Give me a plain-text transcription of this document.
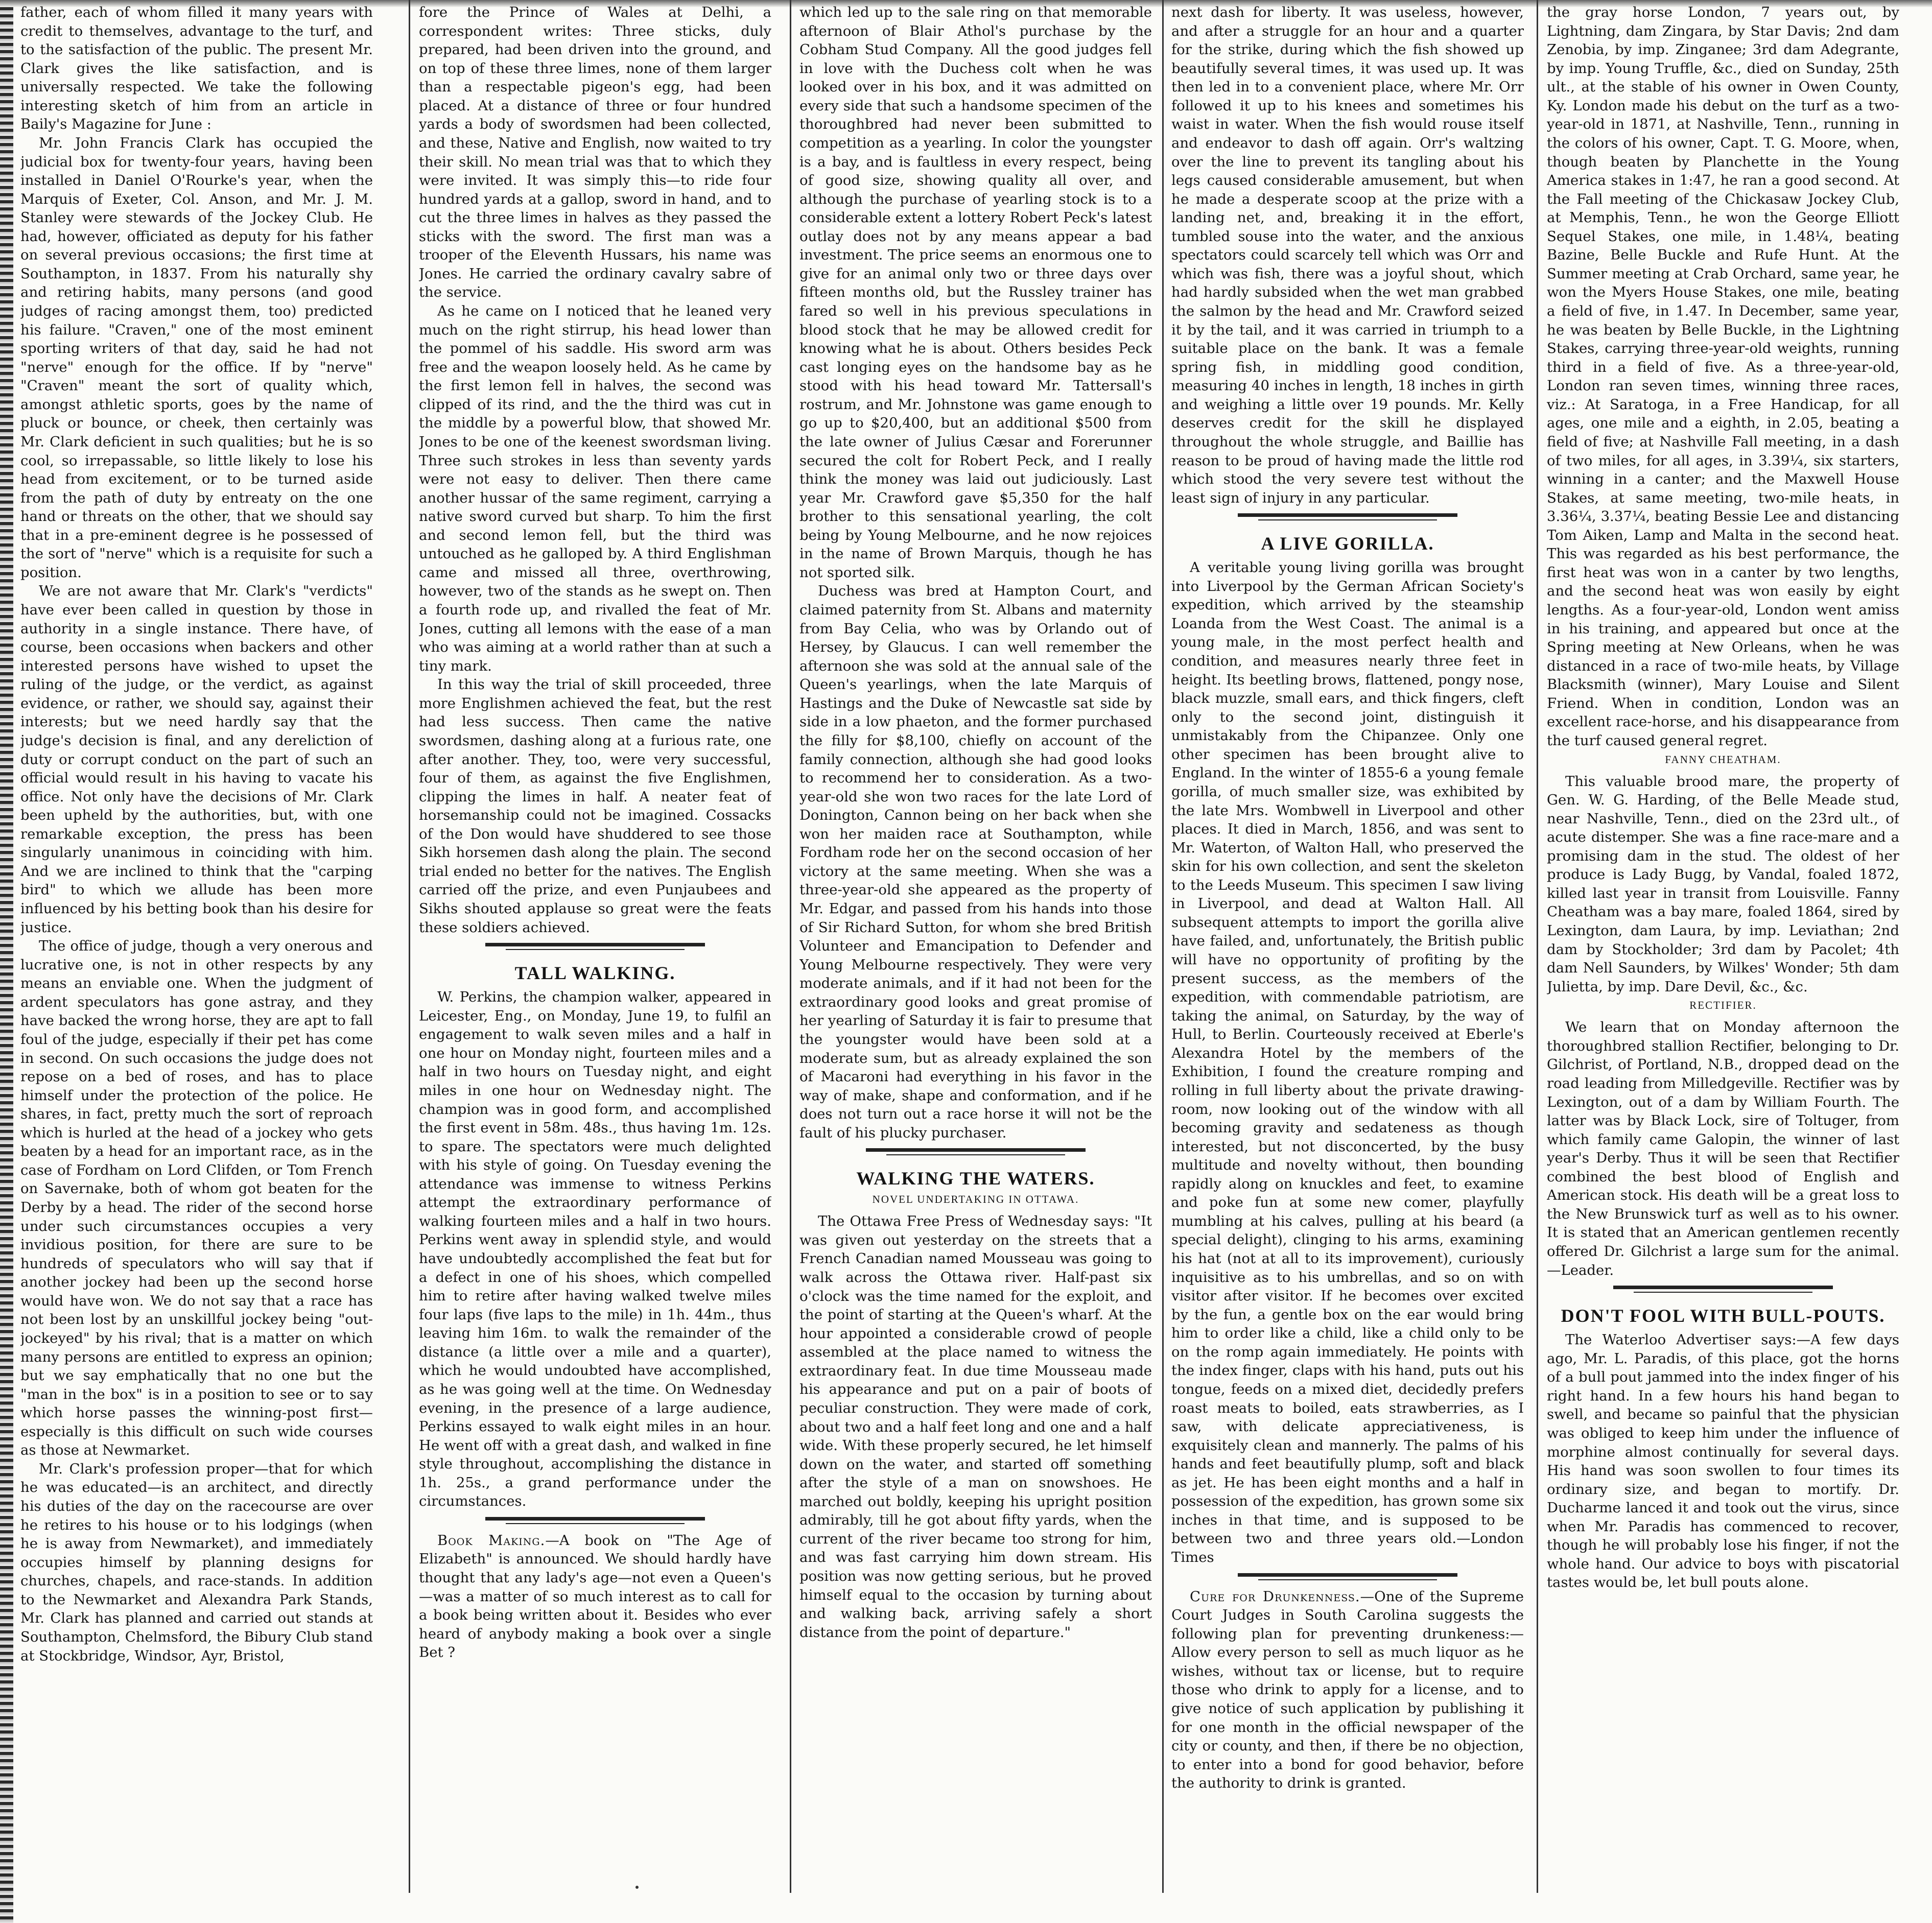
father, each of whom filled it many years with credit to themselves, advantage to the turf, and to the satisfaction of the public. The present Mr. Clark gives the like satisfaction, and is universally respected. We take the following interesting sketch of him from an article in Baily's Magazine for June :

Mr. John Francis Clark has occupied the judicial box for twenty-four years, having been installed in Daniel O'Rourke's year, when the Marquis of Exeter, Col. Anson, and Mr. J. M. Stanley were stewards of the Jockey Club. He had, however, officiated as deputy for his father on several previous occasions; the first time at Southampton, in 1837. From his naturally shy and retiring habits, many persons (and good judges of racing amongst them, too) predicted his failure. "Craven," one of the most eminent sporting writers of that day, said he had not "nerve" enough for the office. If by "nerve" "Craven" meant the sort of quality which, amongst athletic sports, goes by the name of pluck or bounce, or cheek, then certainly was Mr. Clark deficient in such qualities; but he is so cool, so irrepassable, so little likely to lose his head from excitement, or to be turned aside from the path of duty by entreaty on the one hand or threats on the other, that we should say that in a pre-eminent degree is he possessed of the sort of "nerve" which is a requisite for such a position.

We are not aware that Mr. Clark's "verdicts" have ever been called in question by those in authority in a single instance. There have, of course, been occasions when backers and other interested persons have wished to upset the ruling of the judge, or the verdict, as against evidence, or rather, we should say, against their interests; but we need hardly say that the judge's decision is final, and any dereliction of duty or corrupt conduct on the part of such an official would result in his having to vacate his office. Not only have the decisions of Mr. Clark been upheld by the authorities, but, with one remarkable exception, the press has been singularly unanimous in coinciding with him. And we are inclined to think that the "carping bird" to which we allude has been more influenced by his betting book than his desire for justice.

The office of judge, though a very onerous and lucrative one, is not in other respects by any means an enviable one. When the judgment of ardent speculators has gone astray, and they have backed the wrong horse, they are apt to fall foul of the judge, especially if their pet has come in second. On such occasions the judge does not repose on a bed of roses, and has to place himself under the protection of the police. He shares, in fact, pretty much the sort of reproach which is hurled at the head of a jockey who gets beaten by a head for an important race, as in the case of Fordham on Lord Clifden, or Tom French on Savernake, both of whom got beaten for the Derby by a head. The rider of the second horse under such circumstances occupies a very invidious position, for there are sure to be hundreds of speculators who will say that if another jockey had been up the second horse would have won. We do not say that a race has not been lost by an unskillful jockey being "out-jockeyed" by his rival; that is a matter on which many persons are entitled to express an opinion; but we say emphatically that no one but the "man in the box" is in a position to see or to say which horse passes the winning-post first—especially is this difficult on such wide courses as those at Newmarket.

Mr. Clark's profession proper—that for which he was educated—is an architect, and directly his duties of the day on the racecourse are over he retires to his house or to his lodgings (when he is away from Newmarket), and immediately occupies himself by planning designs for churches, chapels, and race-stands. In addition to the Newmarket and Alexandra Park Stands, Mr. Clark has planned and carried out stands at Southampton, Chelmsford, the Bibury Club stand at Stockbridge, Windsor, Ayr, Bristol,

fore the Prince of Wales at Delhi, a correspondent writes: Three sticks, duly prepared, had been driven into the ground, and on top of these three limes, none of them larger than a respectable pigeon's egg, had been placed. At a distance of three or four hundred yards a body of swordsmen had been collected, and these, Native and English, now waited to try their skill. No mean trial was that to which they were invited. It was simply this—to ride four hundred yards at a gallop, sword in hand, and to cut the three limes in halves as they passed the sticks with the sword. The first man was a trooper of the Eleventh Hussars, his name was Jones. He carried the ordinary cavalry sabre of the service.

As he came on I noticed that he leaned very much on the right stirrup, his head lower than the pommel of his saddle. His sword arm was free and the weapon loosely held. As he came by the first lemon fell in halves, the second was clipped of its rind, and the the third was cut in the middle by a powerful blow, that showed Mr. Jones to be one of the keenest swordsman living. Three such strokes in less than seventy yards were not easy to deliver. Then there came another hussar of the same regiment, carrying a native sword curved but sharp. To him the first and second lemon fell, but the third was untouched as he galloped by. A third Englishman came and missed all three, overthrowing, however, two of the stands as he swept on. Then a fourth rode up, and rivalled the feat of Mr. Jones, cutting all lemons with the ease of a man who was aiming at a world rather than at such a tiny mark.

In this way the trial of skill proceeded, three more Englishmen achieved the feat, but the rest had less success. Then came the native swordsmen, dashing along at a furious rate, one after another. They, too, were very successful, four of them, as against the five Englishmen, clipping the limes in half. A neater feat of horsemanship could not be imagined. Cossacks of the Don would have shuddered to see those Sikh horsemen dash along the plain. The second trial ended no better for the natives. The English carried off the prize, and even Punjaubees and Sikhs shouted applause so great were the feats these soldiers achieved.

TALL WALKING.

W. Perkins, the champion walker, appeared in Leicester, Eng., on Monday, June 19, to fulfil an engagement to walk seven miles and a half in one hour on Monday night, fourteen miles and a half in two hours on Tuesday night, and eight miles in one hour on Wednesday night. The champion was in good form, and accomplished the first event in 58m. 48s., thus having 1m. 12s. to spare. The spectators were much delighted with his style of going. On Tuesday evening the attendance was immense to witness Perkins attempt the extraordinary performance of walking fourteen miles and a half in two hours. Perkins went away in splendid style, and would have undoubtedly accomplished the feat but for a defect in one of his shoes, which compelled him to retire after having walked twelve miles four laps (five laps to the mile) in 1h. 44m., thus leaving him 16m. to walk the remainder of the distance (a little over a mile and a quarter), which he would undoubted have accomplished, as he was going well at the time. On Wednesday evening, in the presence of a large audience, Perkins essayed to walk eight miles in an hour. He went off with a great dash, and walked in fine style throughout, accomplishing the distance in 1h. 25s., a grand performance under the circumstances.

Book Making.—A book on "The Age of Elizabeth" is announced. We should hardly have thought that any lady's age—not even a Queen's—was a matter of so much interest as to call for a book being written about it. Besides who ever heard of anybody making a book over a single Bet ?

which led up to the sale ring on that memorable afternoon of Blair Athol's purchase by the Cobham Stud Company. All the good judges fell in love with the Duchess colt when he was looked over in his box, and it was admitted on every side that such a handsome specimen of the thoroughbred had never been submitted to competition as a yearling. In color the youngster is a bay, and is faultless in every respect, being of good size, showing quality all over, and although the purchase of yearling stock is to a considerable extent a lottery Robert Peck's latest outlay does not by any means appear a bad investment. The price seems an enormous one to give for an animal only two or three days over fifteen months old, but the Russley trainer has fared so well in his previous speculations in blood stock that he may be allowed credit for knowing what he is about. Others besides Peck cast longing eyes on the handsome bay as he stood with his head toward Mr. Tattersall's rostrum, and Mr. Johnstone was game enough to go up to $20,400, but an additional $500 from the late owner of Julius Cæsar and Forerunner secured the colt for Robert Peck, and I really think the money was laid out judiciously. Last year Mr. Crawford gave $5,350 for the half brother to this sensational yearling, the colt being by Young Melbourne, and he now rejoices in the name of Brown Marquis, though he has not sported silk.

Duchess was bred at Hampton Court, and claimed paternity from St. Albans and maternity from Bay Celia, who was by Orlando out of Hersey, by Glaucus. I can well remember the afternoon she was sold at the annual sale of the Queen's yearlings, when the late Marquis of Hastings and the Duke of Newcastle sat side by side in a low phaeton, and the former purchased the filly for $8,100, chiefly on account of the family connection, although she had good looks to recommend her to consideration. As a two-year-old she won two races for the late Lord of Donington, Cannon being on her back when she won her maiden race at Southampton, while Fordham rode her on the second occasion of her victory at the same meeting. When she was a three-year-old she appeared as the property of Mr. Edgar, and passed from his hands into those of Sir Richard Sutton, for whom she bred British Volunteer and Emancipation to Defender and Young Melbourne respectively. They were very moderate animals, and if it had not been for the extraordinary good looks and great promise of her yearling of Saturday it is fair to presume that the youngster would have been sold at a moderate sum, but as already explained the son of Macaroni had everything in his favor in the way of make, shape and conformation, and if he does not turn out a race horse it will not be the fault of his plucky purchaser.

WALKING THE WATERS.
NOVEL UNDERTAKING IN OTTAWA.

The Ottawa Free Press of Wednesday says: "It was given out yesterday on the streets that a French Canadian named Mousseau was going to walk across the Ottawa river. Half-past six o'clock was the time named for the exploit, and the point of starting at the Queen's wharf. At the hour appointed a considerable crowd of people assembled at the place named to witness the extraordinary feat. In due time Mousseau made his appearance and put on a pair of boots of peculiar construction. They were made of cork, about two and a half feet long and one and a half wide. With these properly secured, he let himself down on the water, and started off something after the style of a man on snowshoes. He marched out boldly, keeping his upright position admirably, till he got about fifty yards, when the current of the river became too strong for him, and was fast carrying him down stream. His position was now getting serious, but he proved himself equal to the occasion by turning about and walking back, arriving safely a short distance from the point of departure."

next dash for liberty. It was useless, however, and after a struggle for an hour and a quarter for the strike, during which the fish showed up beautifully several times, it was used up. It was then led in to a convenient place, where Mr. Orr followed it up to his knees and sometimes his waist in water. When the fish would rouse itself and endeavor to dash off again. Orr's waltzing over the line to prevent its tangling about his legs caused considerable amusement, but when he made a desperate scoop at the prize with a landing net, and, breaking it in the effort, tumbled souse into the water, and the anxious spectators could scarcely tell which was Orr and which was fish, there was a joyful shout, which had hardly subsided when the wet man grabbed the salmon by the head and Mr. Crawford seized it by the tail, and it was carried in triumph to a suitable place on the bank. It was a female spring fish, in middling good condition, measuring 40 inches in length, 18 inches in girth and weighing a little over 19 pounds. Mr. Kelly deserves credit for the skill he displayed throughout the whole struggle, and Baillie has reason to be proud of having made the little rod which stood the very severe test without the least sign of injury in any particular.

A LIVE GORILLA.

A veritable young living gorilla was brought into Liverpool by the German African Society's expedition, which arrived by the steamship Loanda from the West Coast. The animal is a young male, in the most perfect health and condition, and measures nearly three feet in height. Its beetling brows, flattened, pongy nose, black muzzle, small ears, and thick fingers, cleft only to the second joint, distinguish it unmistakably from the Chipanzee. Only one other specimen has been brought alive to England. In the winter of 1855-6 a young female gorilla, of much smaller size, was exhibited by the late Mrs. Wombwell in Liverpool and other places. It died in March, 1856, and was sent to Mr. Waterton, of Walton Hall, who preserved the skin for his own collection, and sent the skeleton to the Leeds Museum. This specimen I saw living in Liverpool, and dead at Walton Hall. All subsequent attempts to import the gorilla alive have failed, and, unfortunately, the British public will have no opportunity of profiting by the present success, as the members of the expedition, with commendable patriotism, are taking the animal, on Saturday, by the way of Hull, to Berlin. Courteously received at Eberle's Alexandra Hotel by the members of the Exhibition, I found the creature romping and rolling in full liberty about the private drawing-room, now looking out of the window with all becoming gravity and sedateness as though interested, but not disconcerted, by the busy multitude and novelty without, then bounding rapidly along on knuckles and feet, to examine and poke fun at some new comer, playfully mumbling at his calves, pulling at his beard (a special delight), clinging to his arms, examining his hat (not at all to its improvement), curiously inquisitive as to his umbrellas, and so on with visitor after visitor. If he becomes over excited by the fun, a gentle box on the ear would bring him to order like a child, like a child only to be on the romp again immediately. He points with the index finger, claps with his hand, puts out his tongue, feeds on a mixed diet, decidedly prefers roast meats to boiled, eats strawberries, as I saw, with delicate appreciativeness, is exquisitely clean and mannerly. The palms of his hands and feet beautifully plump, soft and black as jet. He has been eight months and a half in possession of the expedition, has grown some six inches in that time, and is supposed to be between two and three years old.—London Times

Cure for Drunkenness.—One of the Supreme Court Judges in South Carolina suggests the following plan for preventing drunkeness:—Allow every person to sell as much liquor as he wishes, without tax or license, but to require those who drink to apply for a license, and to give notice of such application by publishing it for one month in the official newspaper of the city or county, and then, if there be no objection, to enter into a bond for good behavior, before the authority to drink is granted.

the gray horse London, 7 years out, by Lightning, dam Zingara, by Star Davis; 2nd dam Zenobia, by imp. Zinganee; 3rd dam Adegrante, by imp. Young Truffle, &c., died on Sunday, 25th ult., at the stable of his owner in Owen County, Ky. London made his debut on the turf as a two-year-old in 1871, at Nashville, Tenn., running in the colors of his owner, Capt. T. G. Moore, when, though beaten by Planchette in the Young America stakes in 1:47, he ran a good second. At the Fall meeting of the Chickasaw Jockey Club, at Memphis, Tenn., he won the George Elliott Sequel Stakes, one mile, in 1.48¼, beating Bazine, Belle Buckle and Rufe Hunt. At the Summer meeting at Crab Orchard, same year, he won the Myers House Stakes, one mile, beating a field of five, in 1.47. In December, same year, he was beaten by Belle Buckle, in the Lightning Stakes, carrying three-year-old weights, running third in a field of five. As a three-year-old, London ran seven times, winning three races, viz.: At Saratoga, in a Free Handicap, for all ages, one mile and a eighth, in 2.05, beating a field of five; at Nashville Fall meeting, in a dash of two miles, for all ages, in 3.39¼, six starters, winning in a canter; and the Maxwell House Stakes, at same meeting, two-mile heats, in 3.36¼, 3.37¼, beating Bessie Lee and distancing Tom Aiken, Lamp and Malta in the second heat. This was regarded as his best performance, the first heat was won in a canter by two lengths, and the second heat was won easily by eight lengths. As a four-year-old, London went amiss in his training, and appeared but once at the Spring meeting at New Orleans, when he was distanced in a race of two-mile heats, by Village Blacksmith (winner), Mary Louise and Silent Friend. When in condition, London was an excellent race-horse, and his disappearance from the turf caused general regret.

FANNY CHEATHAM.

This valuable brood mare, the property of Gen. W. G. Harding, of the Belle Meade stud, near Nashville, Tenn., died on the 23rd ult., of acute distemper. She was a fine race-mare and a promising dam in the stud. The oldest of her produce is Lady Bugg, by Vandal, foaled 1872, killed last year in transit from Louisville. Fanny Cheatham was a bay mare, foaled 1864, sired by Lexington, dam Laura, by imp. Leviathan; 2nd dam by Stockholder; 3rd dam by Pacolet; 4th dam Nell Saunders, by Wilkes' Wonder; 5th dam Julietta, by imp. Dare Devil, &c., &c.

RECTIFIER.

We learn that on Monday afternoon the thoroughbred stallion Rectifier, belonging to Dr. Gilchrist, of Portland, N.B., dropped dead on the road leading from Milledgeville. Rectifier was by Lexington, out of a dam by William Fourth. The latter was by Black Lock, sire of Toltuger, from which family came Galopin, the winner of last year's Derby. Thus it will be seen that Rectifier combined the best blood of English and American stock. His death will be a great loss to the New Brunswick turf as well as to his owner. It is stated that an American gentlemen recently offered Dr. Gilchrist a large sum for the animal.—Leader.

DON'T FOOL WITH BULL-POUTS.

The Waterloo Advertiser says:—A few days ago, Mr. L. Paradis, of this place, got the horns of a bull pout jammed into the index finger of his right hand. In a few hours his hand began to swell, and became so painful that the physician was obliged to keep him under the influence of morphine almost continually for several days. His hand was soon swollen to four times its ordinary size, and began to mortify. Dr. Ducharme lanced it and took out the virus, since when Mr. Paradis has commenced to recover, though he will probably lose his finger, if not the whole hand. Our advice to boys with piscatorial tastes would be, let bull pouts alone.
